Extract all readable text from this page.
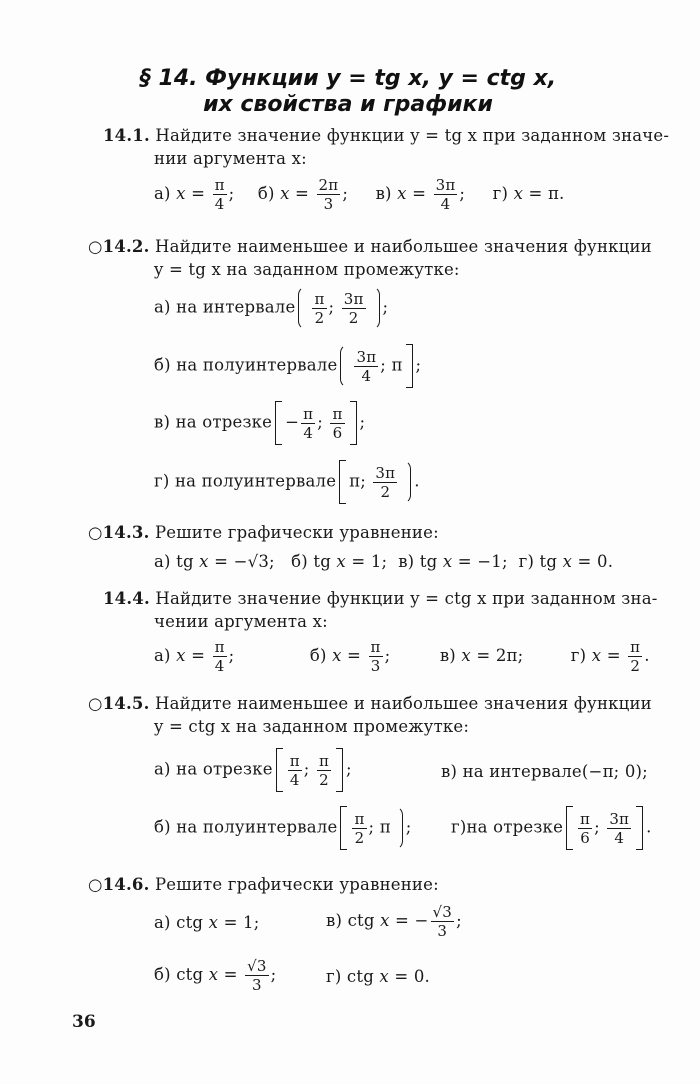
§ 14. Функции y = tg x, y = ctg x,
их свойства и графики
14.1. Найдите значение функции y = tg x при заданном значе-
нии аргумента x:
а) $x = \frac{\pi}{4}$ ; б) $x = \frac{2\pi}{3}$ ; в) $x = \frac{3\pi}{4}$ ; г) x = π.
○14.2. Найдите наименьшее и наибольшее значения функции
y = tg x на заданном промежутке:
а) на интервале $\frac{\pi}{2}$ ; $\frac{3\pi}{2}$ ;
б) на полуинтервале $\frac{3\pi}{4}$ ; π ;
в) на отрезке − $\frac{\pi}{4}$ ; $\frac{\pi}{6}$ ;
г) на полуинтервале π; $\frac{3\pi}{2}$ .
○14.3. Решите графически уравнение:
а) tg x = −√3;   б) tg x = 1;  в) tg x = −1;  г) tg x = 0.
14.4. Найдите значение функции y = ctg x при заданном зна-
чении аргумента x:
а) $x = \frac{\pi}{4}$ ;	б) $x = \frac{\pi}{3}$ ;	в) x = 2π;	г) $x = \frac{\pi}{2}$ .
○14.5. Найдите наименьшее и наибольшее значения функции
y = ctg x на заданном промежутке:
а) на отрезке $\frac{\pi}{4}$ ; $\frac{\pi}{2}$ ;	в) на интервале(−π; 0);
б) на полуинтервале $\frac{\pi}{2}$ ; π ; г)на отрезке $\frac{\pi}{6}$ ; $\frac{3\pi}{4}$ .
○14.6. Решите графически уравнение:
а) ctg x = 1;	в) ctg x = − $\frac{√3}{3}$ ;
б) ctg $x = \frac{√3}{3}$ ;	г) ctg x = 0.
36
